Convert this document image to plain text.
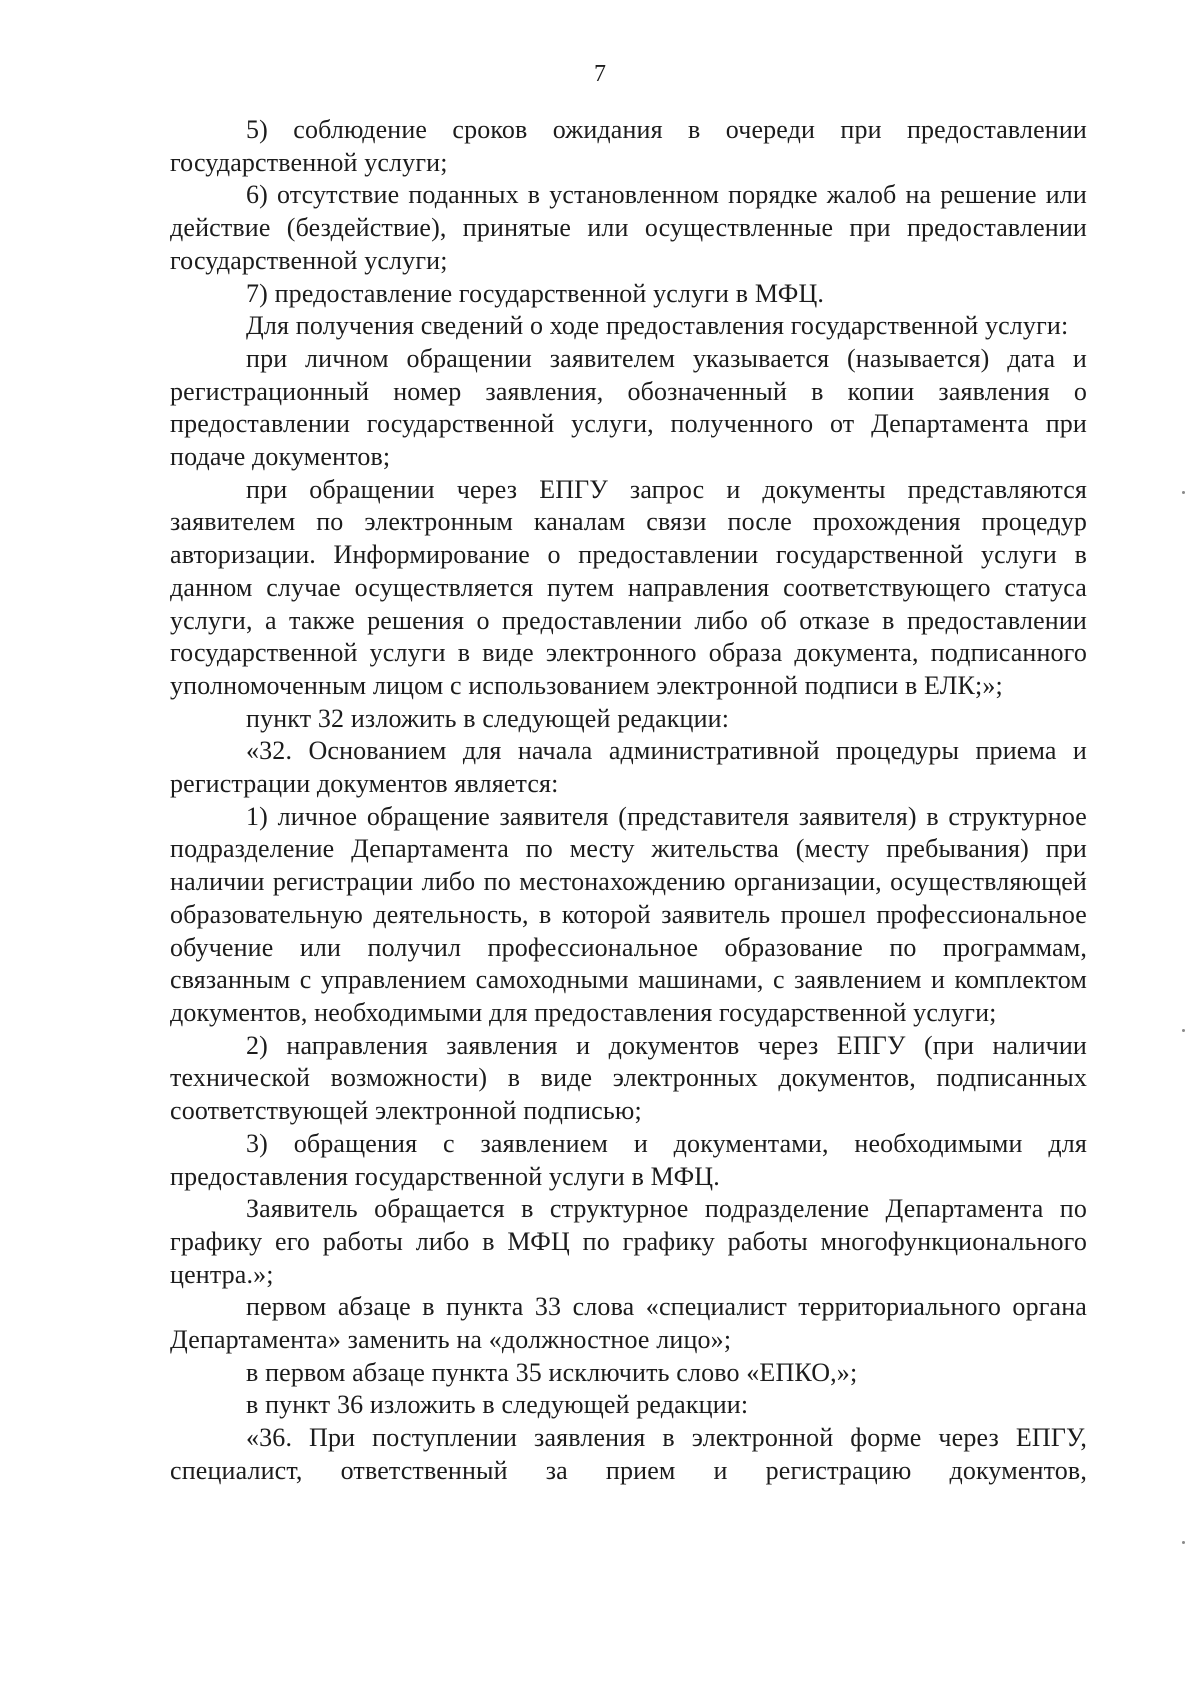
7

5) соблюдение сроков ожидания в очереди при предоставлении государственной услуги;

6) отсутствие поданных в установленном порядке жалоб на решение или действие (бездействие), принятые или осуществленные при предоставлении государственной услуги;

7) предоставление государственной услуги в МФЦ.

Для получения сведений о ходе предоставления государственной услуги:

при личном обращении заявителем указывается (называется) дата и регистрационный номер заявления, обозначенный в копии заявления о предоставлении государственной услуги, полученного от Департамента при подаче документов;

при обращении через ЕПГУ запрос и документы представляются заявителем по электронным каналам связи после прохождения процедур авторизации. Информирование о предоставлении государственной услуги в данном случае осуществляется путем направления соответствующего статуса услуги, а также решения о предоставлении либо об отказе в предоставлении государственной услуги в виде электронного образа документа, подписанного уполномоченным лицом с использованием электронной подписи в ЕЛК;»;

пункт 32 изложить в следующей редакции:

«32. Основанием для начала административной процедуры приема и регистрации документов является:

1) личное обращение заявителя (представителя заявителя) в структурное подразделение Департамента по месту жительства (месту пребывания) при наличии регистрации либо по местонахождению организации, осуществляющей образовательную деятельность, в которой заявитель прошел профессиональное обучение или получил профессиональное образование по программам, связанным с управлением самоходными машинами, с заявлением и комплектом документов, необходимыми для предоставления государственной услуги;

2) направления заявления и документов через ЕПГУ (при наличии технической возможности) в виде электронных документов, подписанных соответствующей электронной подписью;

3) обращения с заявлением и документами, необходимыми для предоставления государственной услуги в МФЦ.

Заявитель обращается в структурное подразделение Департамента по графику его работы либо в МФЦ по графику работы многофункционального центра.»;

первом абзаце в пункта 33 слова «специалист территориального органа Департамента» заменить на «должностное лицо»;

в первом абзаце пункта 35 исключить слово «ЕПКО,»;

в пункт 36 изложить в следующей редакции:

«36. При поступлении заявления в электронной форме через ЕПГУ, специалист, ответственный за прием и регистрацию документов,
